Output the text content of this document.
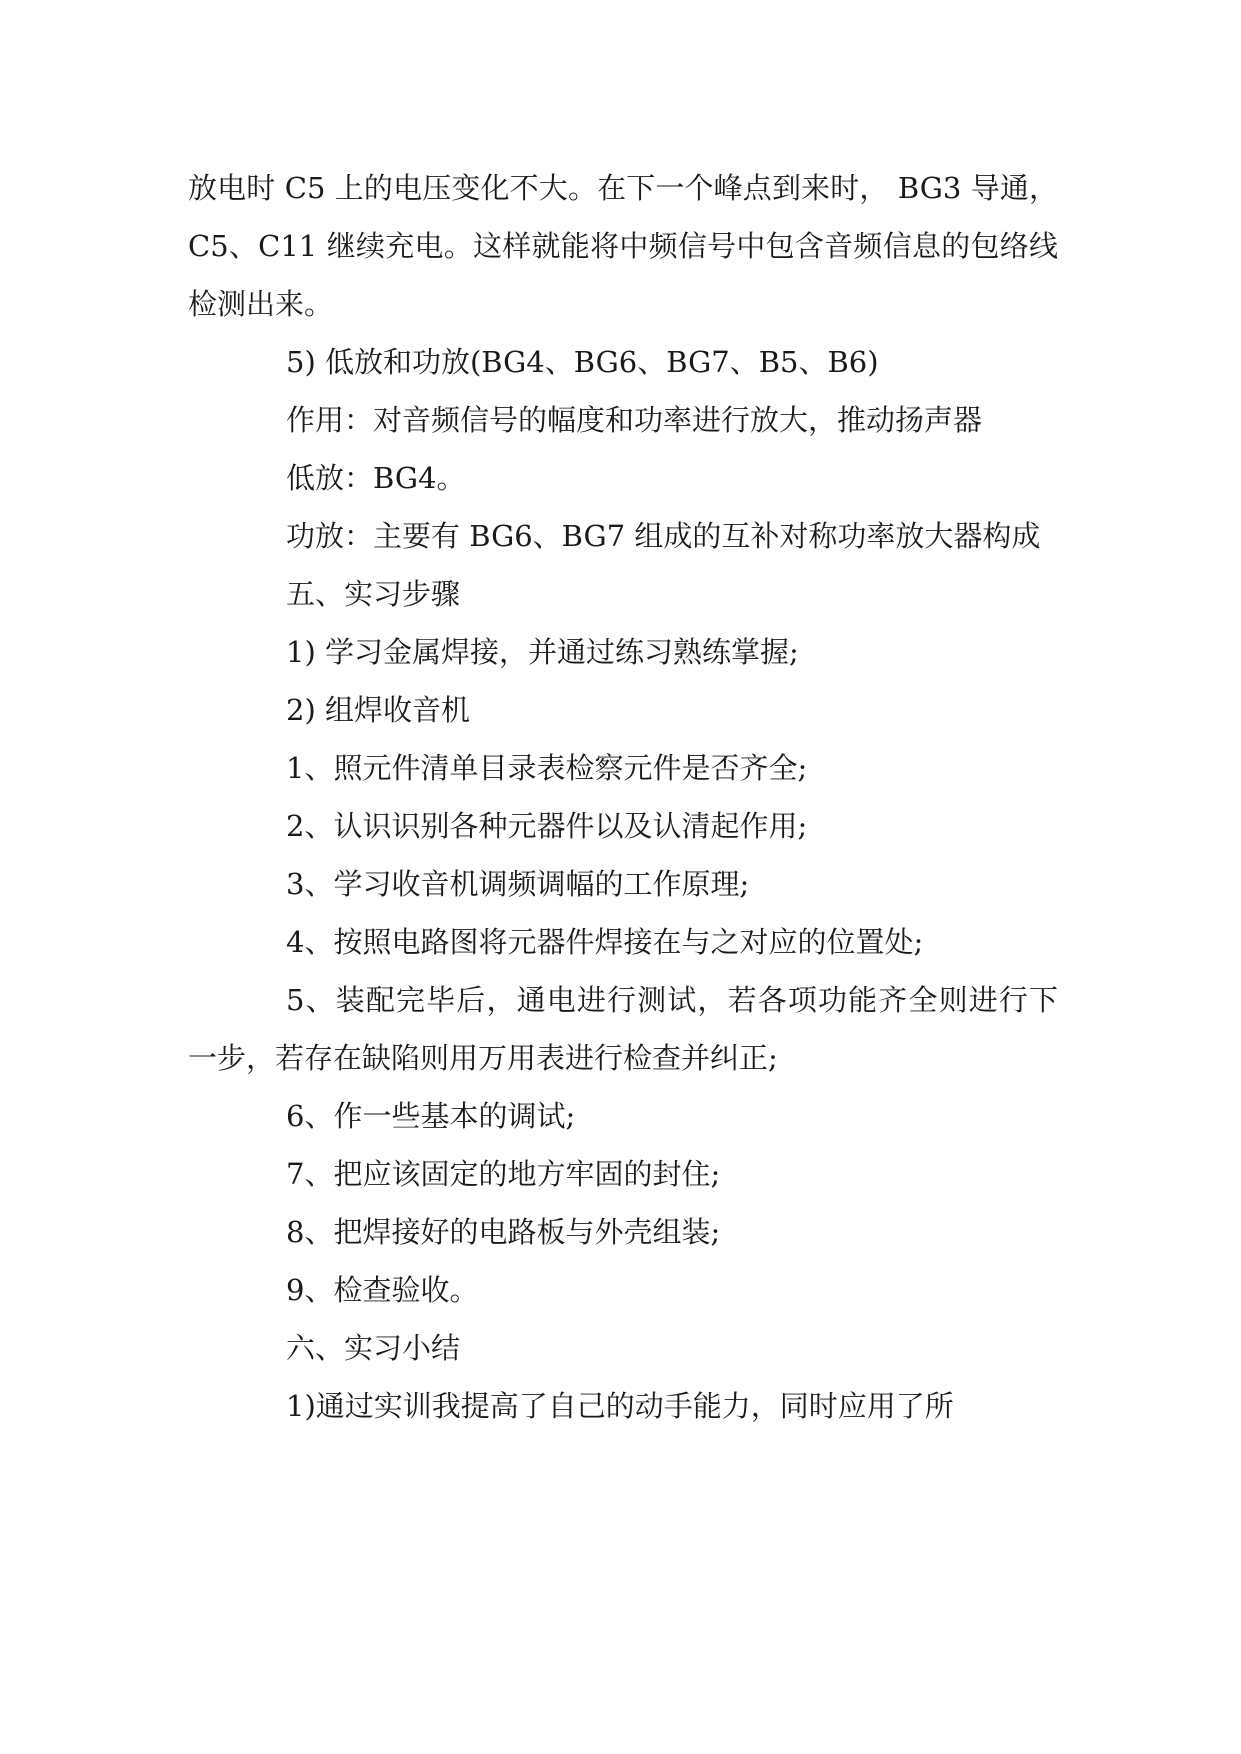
放电时 C5 上的电压变化不大。在下一个峰点到来时， BG3 导通， C5、C11 继续充电。这样就能将中频信号中包含音频信息的包络线检测出来。

5) 低放和功放(BG4、BG6、BG7、B5、B6)

作用：对音频信号的幅度和功率进行放大，推动扬声器

低放：BG4。

功放：主要有 BG6、BG7 组成的互补对称功率放大器构成

五、实习步骤

1) 学习金属焊接，并通过练习熟练掌握;

2) 组焊收音机

1、照元件清单目录表检察元件是否齐全;

2、认识识别各种元器件以及认清起作用;

3、学习收音机调频调幅的工作原理;

4、按照电路图将元器件焊接在与之对应的位置处;

5、装配完毕后，通电进行测试，若各项功能齐全则进行下一步，若存在缺陷则用万用表进行检查并纠正;

6、作一些基本的调试;

7、把应该固定的地方牢固的封住;

8、把焊接好的电路板与外壳组装;

9、检查验收。

六、实习小结

1)通过实训我提高了自己的动手能力，同时应用了所
